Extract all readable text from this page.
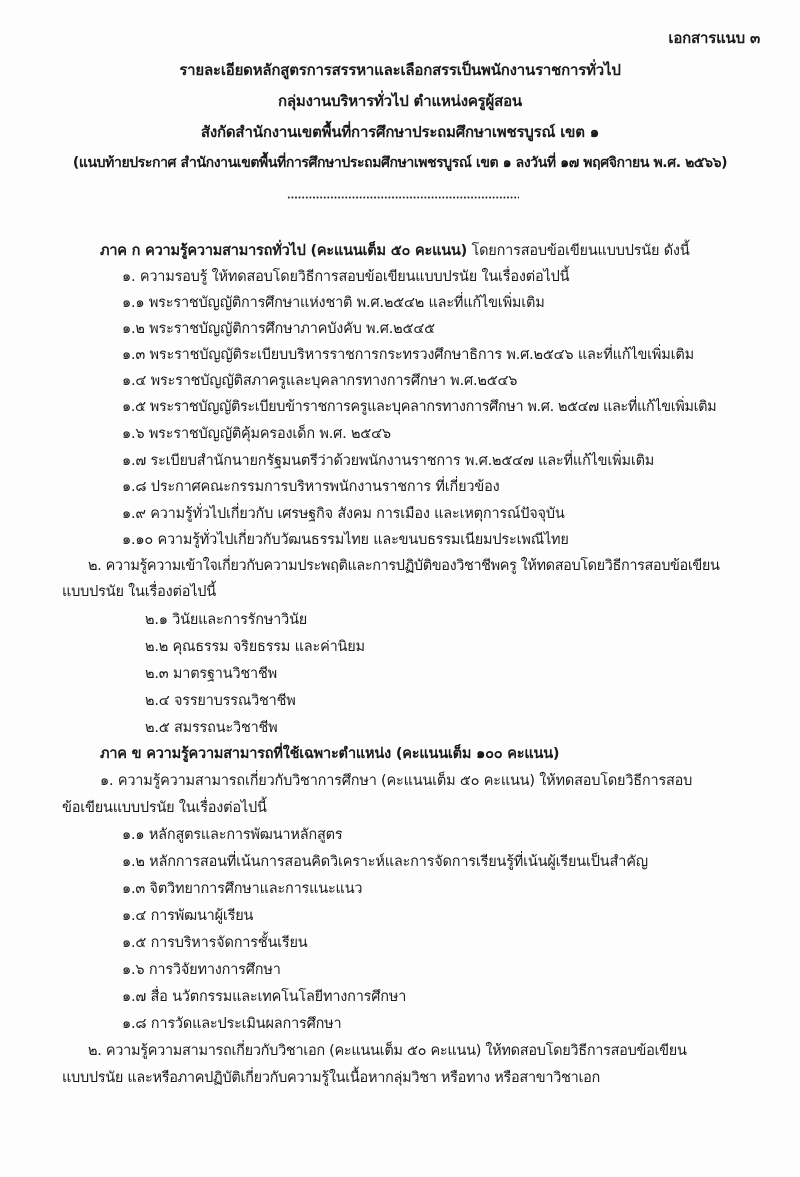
เอกสารแนบ ๓
รายละเอียดหลักสูตรการสรรหาและเลือกสรรเป็นพนักงานราชการทั่วไป
กลุ่มงานบริหารทั่วไป ตำแหน่งครูผู้สอน
สังกัดสำนักงานเขตพื้นที่การศึกษาประถมศึกษาเพชรบูรณ์ เขต ๑
(แนบท้ายประกาศ สำนักงานเขตพื้นที่การศึกษาประถมศึกษาเพชรบูรณ์ เขต ๑ ลงวันที่ ๑๗ พฤศจิกายน พ.ศ. ๒๕๖๖)
ภาค ก ความรู้ความสามารถทั่วไป (คะแนนเต็ม ๕๐ คะแนน) โดยการสอบข้อเขียนแบบปรนัย ดังนี้
๑. ความรอบรู้ ให้ทดสอบโดยวิธีการสอบข้อเขียนแบบปรนัย ในเรื่องต่อไปนี้
๑.๑ พระราชบัญญัติการศึกษาแห่งชาติ พ.ศ.๒๕๔๒ และที่แก้ไขเพิ่มเติม
๑.๒ พระราชบัญญัติการศึกษาภาคบังคับ พ.ศ.๒๕๔๕
๑.๓ พระราชบัญญัติระเบียบบริหารราชการกระทรวงศึกษาธิการ พ.ศ.๒๕๔๖ และที่แก้ไขเพิ่มเติม
๑.๔ พระราชบัญญัติสภาครูและบุคลากรทางการศึกษา พ.ศ.๒๕๔๖
๑.๕ พระราชบัญญัติระเบียบข้าราชการครูและบุคลากรทางการศึกษา พ.ศ. ๒๕๔๗ และที่แก้ไขเพิ่มเติม
๑.๖ พระราชบัญญัติคุ้มครองเด็ก พ.ศ. ๒๕๔๖
๑.๗ ระเบียบสำนักนายกรัฐมนตรีว่าด้วยพนักงานราชการ พ.ศ.๒๕๔๗ และที่แก้ไขเพิ่มเติม
๑.๘ ประกาศคณะกรรมการบริหารพนักงานราชการ ที่เกี่ยวข้อง
๑.๙ ความรู้ทั่วไปเกี่ยวกับ เศรษฐกิจ สังคม การเมือง และเหตุการณ์ปัจจุบัน
๑.๑๐ ความรู้ทั่วไปเกี่ยวกับวัฒนธรรมไทย และขนบธรรมเนียมประเพณีไทย
๒. ความรู้ความเข้าใจเกี่ยวกับความประพฤติและการปฏิบัติของวิชาชีพครู ให้ทดสอบโดยวิธีการสอบข้อเขียน
แบบปรนัย ในเรื่องต่อไปนี้
๒.๑ วินัยและการรักษาวินัย
๒.๒ คุณธรรม จริยธรรม และค่านิยม
๒.๓ มาตรฐานวิชาชีพ
๒.๔ จรรยาบรรณวิชาชีพ
๒.๕ สมรรถนะวิชาชีพ
ภาค ข ความรู้ความสามารถที่ใช้เฉพาะตำแหน่ง (คะแนนเต็ม ๑๐๐ คะแนน)
๑. ความรู้ความสามารถเกี่ยวกับวิชาการศึกษา (คะแนนเต็ม ๕๐ คะแนน) ให้ทดสอบโดยวิธีการสอบ
ข้อเขียนแบบปรนัย ในเรื่องต่อไปนี้
๑.๑ หลักสูตรและการพัฒนาหลักสูตร
๑.๒ หลักการสอนที่เน้นการสอนคิดวิเคราะห์และการจัดการเรียนรู้ที่เน้นผู้เรียนเป็นสำคัญ
๑.๓ จิตวิทยาการศึกษาและการแนะแนว
๑.๔ การพัฒนาผู้เรียน
๑.๕ การบริหารจัดการชั้นเรียน
๑.๖ การวิจัยทางการศึกษา
๑.๗ สื่อ นวัตกรรมและเทคโนโลยีทางการศึกษา
๑.๘ การวัดและประเมินผลการศึกษา
๒. ความรู้ความสามารถเกี่ยวกับวิชาเอก (คะแนนเต็ม ๕๐ คะแนน) ให้ทดสอบโดยวิธีการสอบข้อเขียน
แบบปรนัย และหรือภาคปฏิบัติเกี่ยวกับความรู้ในเนื้อหากลุ่มวิชา หรือทาง หรือสาขาวิชาเอก
